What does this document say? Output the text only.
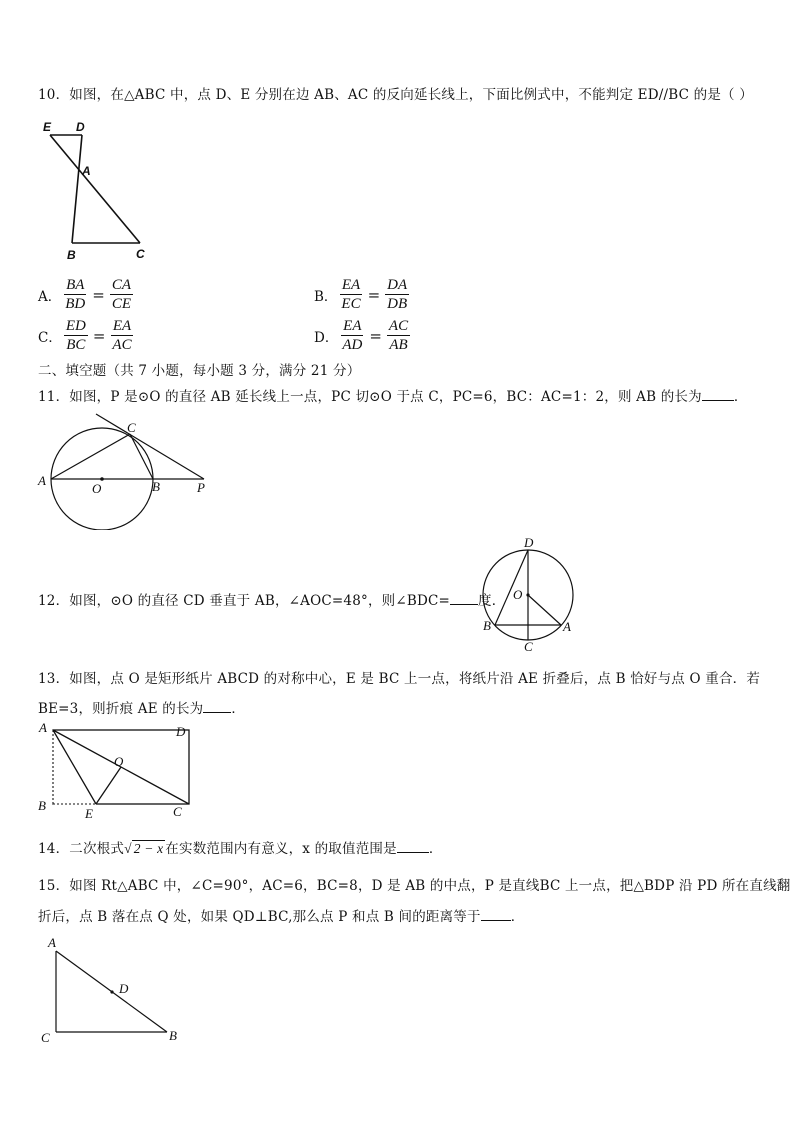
10．如图，在△ABC 中，点 D、E 分别在边 AB、AC 的反向延长线上，下面比例式中，不能判定 ED//BC 的是（ ）
E D
A
B	C
A． $\frac{BA}{BD} = \frac{CA}{CE}$	B． $\frac{EA}{EC} = \frac{DA}{DB}$
C． $\frac{ED}{BC} = \frac{EA}{AC}$	D． $\frac{EA}{AD} = \frac{AC}{AB}$
二、填空题（共 7 小题，每小题 3 分，满分 21 分）
11．如图，P 是⊙O 的直径 AB 延长线上一点，PC 切⊙O 于点 C，PC=6，BC：AC=1：2，则 AB 的长为 ．
A
O	B	P
C
12．如图，⊙O 的直径 CD 垂直于 AB，∠AOC=48°，则∠BDC= 度．
D
O
B	A
C
13．如图，点 O 是矩形纸片 ABCD 的对称中心，E 是 BC 上一点，将纸片沿 AE 折叠后，点 B 恰好与点 O 重合．若
BE=3，则折痕 AE 的长为 ．
A	D
O
B
E	C
14．二次根式√ 2 − x 在实数范围内有意义，x 的取值范围是 ．
15．如图 Rt△ABC 中，∠C=90°，AC=6，BC=8，D 是 AB 的中点，P 是直线BC 上一点，把△BDP 沿 PD 所在直线翻
折后，点 B 落在点 Q 处，如果 QD⊥BC,那么点 P 和点 B 间的距离等于 ．
A
D
C	B
